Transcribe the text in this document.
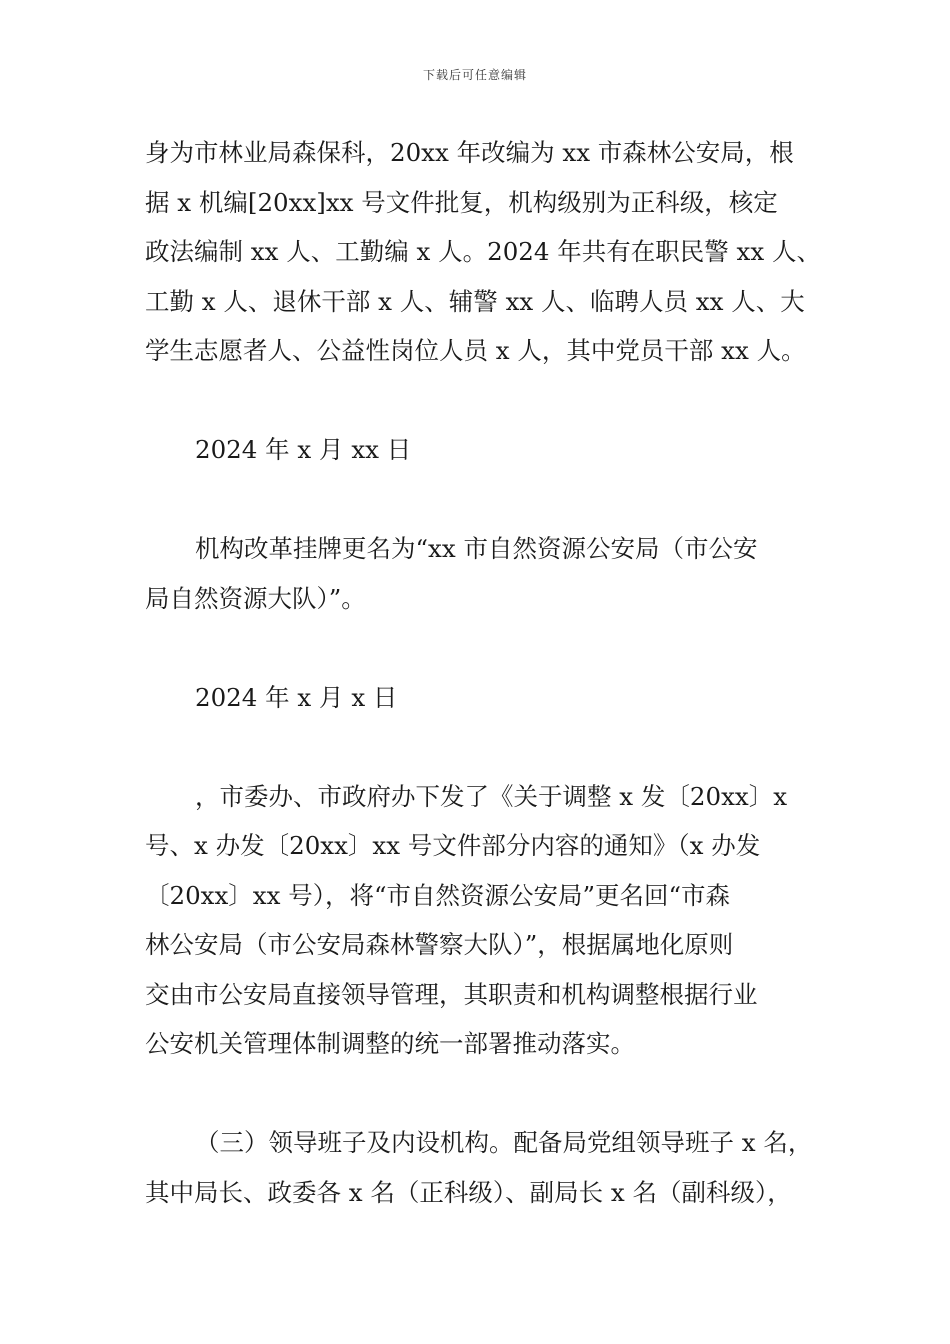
下载后可任意编辑
身为市林业局森保科，20xx 年改编为 xx 市森林公安局，根
据 x 机编[20xx]xx 号文件批复，机构级别为正科级，核定
政法编制 xx 人、工勤编 x 人。2024 年共有在职民警 xx 人、
工勤 x 人、退休干部 x 人、辅警 xx 人、临聘人员 xx 人、大
学生志愿者人、公益性岗位人员 x 人，其中党员干部 xx 人。
2024 年 x 月 xx 日
机构改革挂牌更名为“xx 市自然资源公安局（市公安
局自然资源大队）”。
2024 年 x 月 x 日
，市委办、市政府办下发了《关于调整 x 发〔20xx〕x
号、x 办发〔20xx〕xx 号文件部分内容的通知》（x 办发
〔20xx〕xx 号），将“市自然资源公安局”更名回“市森
林公安局（市公安局森林警察大队）”，根据属地化原则
交由市公安局直接领导管理，其职责和机构调整根据行业
公安机关管理体制调整的统一部署推动落实。
（三）领导班子及内设机构。配备局党组领导班子 x 名，
其中局长、政委各 x 名（正科级）、副局长 x 名（副科级），
